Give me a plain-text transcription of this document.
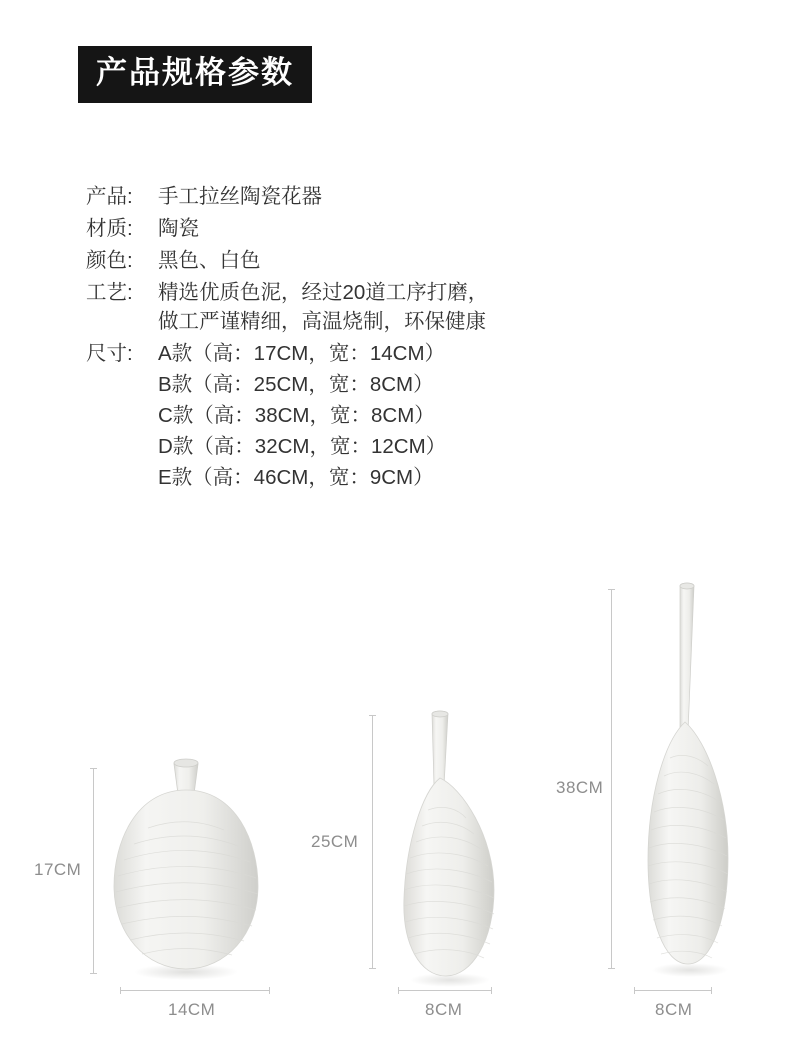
产品规格参数
产品:	手工拉丝陶瓷花器
材质:	陶瓷
颜色:	黑色、白色
工艺:	精选优质色泥，经过20道工序打磨，
做工严谨精细，高温烧制，环保健康
尺寸:	A款（高：17CM，宽：14CM）
B款（高：25CM，宽：8CM）
C款（高：38CM，宽：8CM）
D款（高：32CM，宽：12CM）
E款（高：46CM，宽：9CM）
17CM
14CM
25CM
8CM
38CM
8CM
